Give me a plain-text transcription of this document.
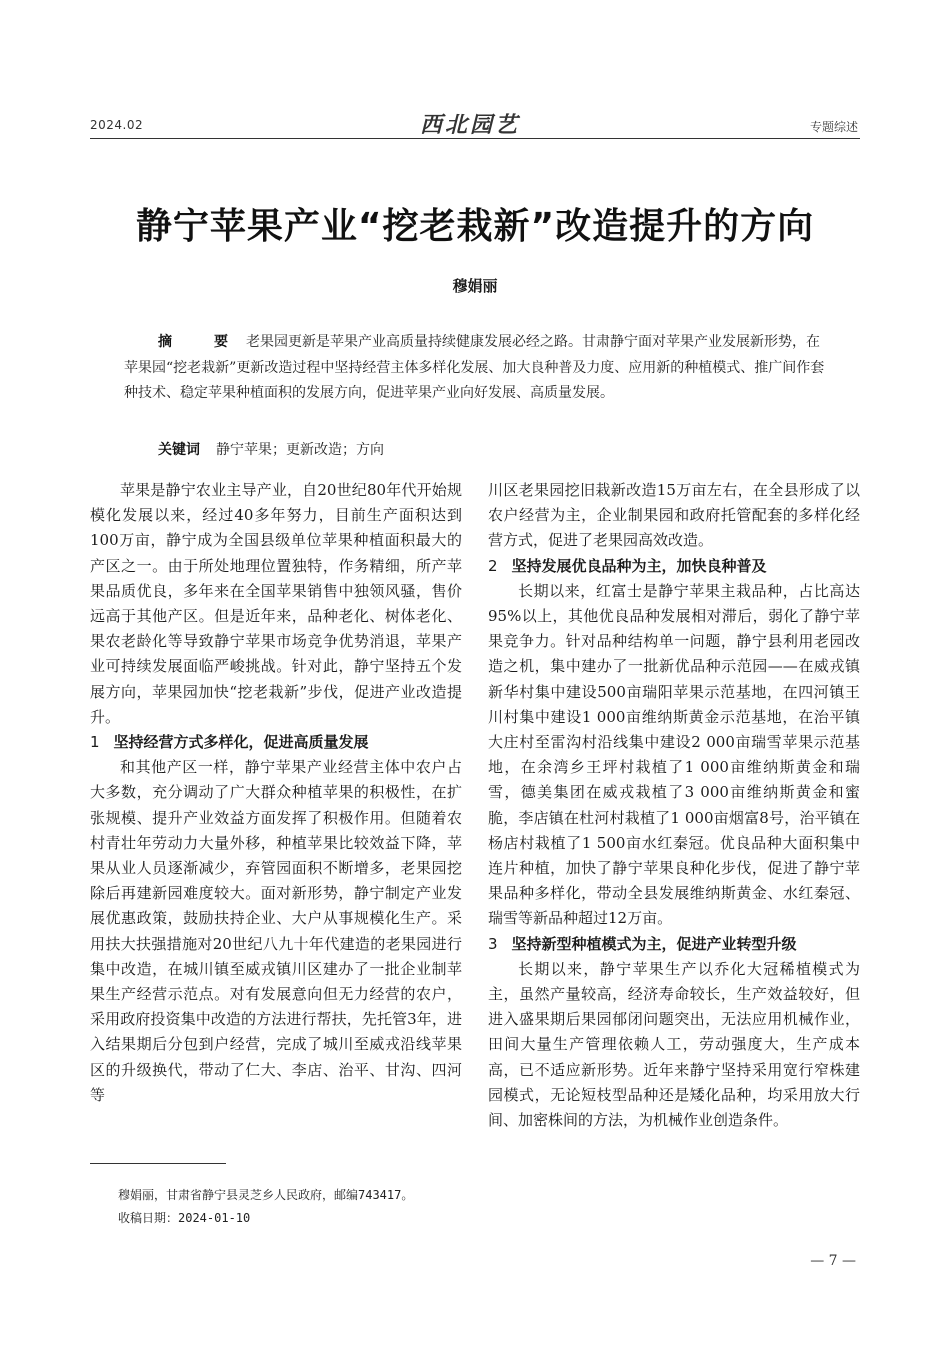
2024.02	西北园艺	专题综述
静宁苹果产业“挖老栽新”改造提升的方向
穆娟丽
摘　要 老果园更新是苹果产业高质量持续健康发展必经之路。甘肃静宁面对苹果产业发展新形势，在苹果园“挖老栽新”更新改造过程中坚持经营主体多样化发展、加大良种普及力度、应用新的种植模式、推广间作套种技术、稳定苹果种植面积的发展方向，促进苹果产业向好发展、高质量发展。
关键词 静宁苹果；更新改造；方向

苹果是静宁农业主导产业，自20世纪80年代开始规模化发展以来，经过40多年努力，目前生产面积达到100万亩，静宁成为全国县级单位苹果种植面积最大的产区之一。由于所处地理位置独特，作务精细，所产苹果品质优良，多年来在全国苹果销售中独领风骚，售价远高于其他产区。但是近年来，品种老化、树体老化、果农老龄化等导致静宁苹果市场竞争优势消退，苹果产业可持续发展面临严峻挑战。针对此，静宁坚持五个发展方向，苹果园加快“挖老栽新”步伐，促进产业改造提升。

1 坚持经营方式多样化，促进高质量发展

和其他产区一样，静宁苹果产业经营主体中农户占大多数，充分调动了广大群众种植苹果的积极性，在扩张规模、提升产业效益方面发挥了积极作用。但随着农村青壮年劳动力大量外移，种植苹果比较效益下降，苹果从业人员逐渐减少，弃管园面积不断增多，老果园挖除后再建新园难度较大。面对新形势，静宁制定产业发展优惠政策，鼓励扶持企业、大户从事规模化生产。采用扶大扶强措施对20世纪八九十年代建造的老果园进行集中改造，在城川镇至威戎镇川区建办了一批企业制苹果生产经营示范点。对有发展意向但无力经营的农户，采用政府投资集中改造的方法进行帮扶，先托管3年，进入结果期后分包到户经营，完成了城川至威戎沿线苹果区的升级换代，带动了仁大、李店、治平、甘沟、四河等

川区老果园挖旧栽新改造15万亩左右，在全县形成了以农户经营为主，企业制果园和政府托管配套的多样化经营方式，促进了老果园高效改造。

2 坚持发展优良品种为主，加快良种普及

长期以来，红富士是静宁苹果主栽品种，占比高达95%以上，其他优良品种发展相对滞后，弱化了静宁苹果竞争力。针对品种结构单一问题，静宁县利用老园改造之机，集中建办了一批新优品种示范园——在威戎镇新华村集中建设500亩瑞阳苹果示范基地，在四河镇王川村集中建设1 000亩维纳斯黄金示范基地，在治平镇大庄村至雷沟村沿线集中建设2 000亩瑞雪苹果示范基地，在余湾乡王坪村栽植了1 000亩维纳斯黄金和瑞雪，德美集团在威戎栽植了3 000亩维纳斯黄金和蜜脆，李店镇在杜河村栽植了1 000亩烟富8号，治平镇在杨店村栽植了1 500亩水红秦冠。优良品种大面积集中连片种植，加快了静宁苹果良种化步伐，促进了静宁苹果品种多样化，带动全县发展维纳斯黄金、水红秦冠、瑞雪等新品种超过12万亩。

3 坚持新型种植模式为主，促进产业转型升级

长期以来，静宁苹果生产以乔化大冠稀植模式为主，虽然产量较高，经济寿命较长，生产效益较好，但进入盛果期后果园郁闭问题突出，无法应用机械作业，田间大量生产管理依赖人工，劳动强度大，生产成本高，已不适应新形势。近年来静宁坚持采用宽行窄株建园模式，无论短枝型品种还是矮化品种，均采用放大行间、加密株间的方法，为机械作业创造条件。

穆娟丽，甘肃省静宁县灵芝乡人民政府，邮编743417。
收稿日期：2024-01-10
— 7 —
